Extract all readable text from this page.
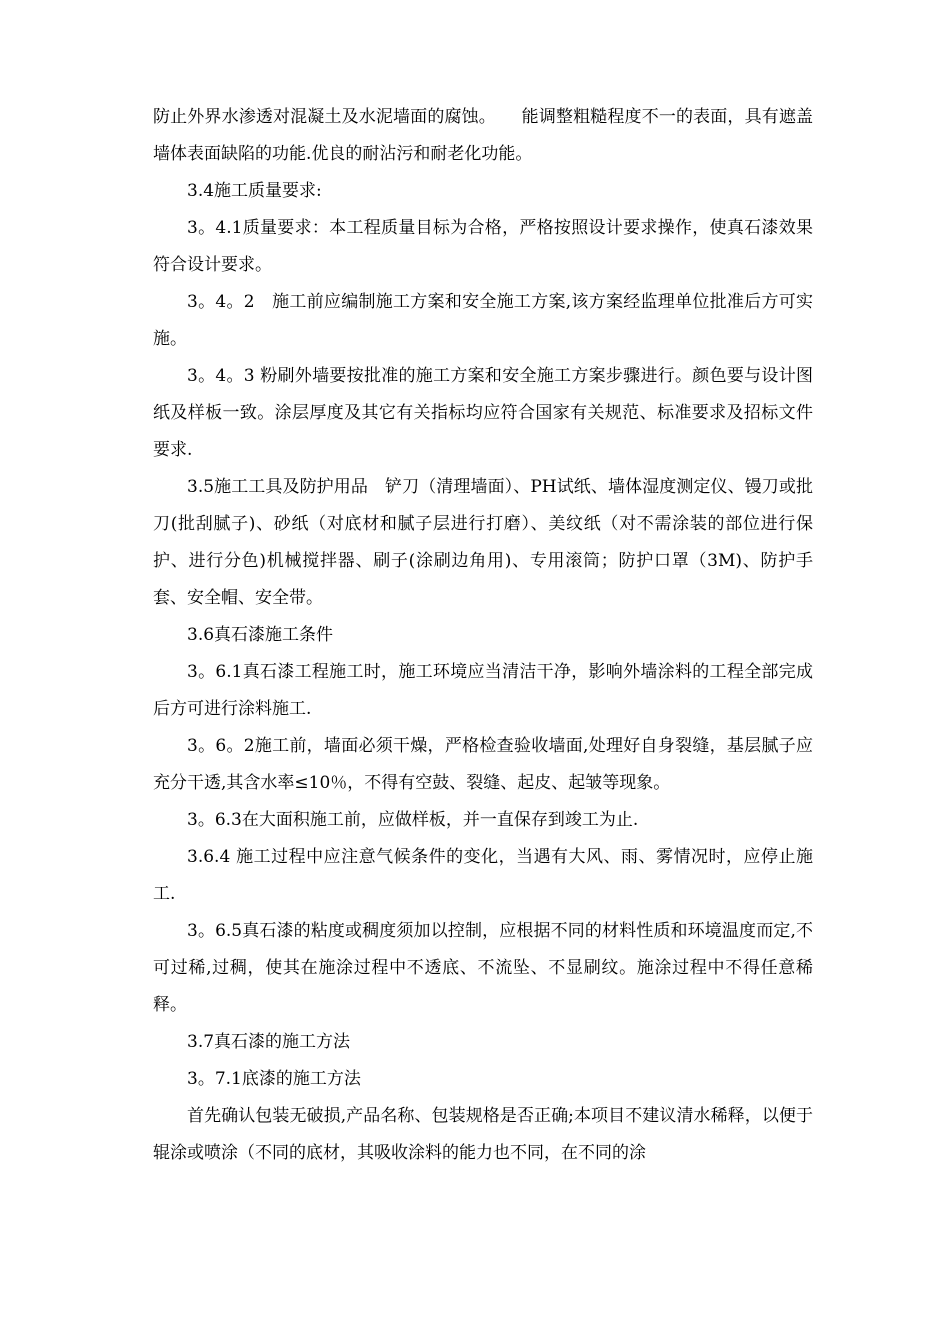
防止外界水渗透对混凝土及水泥墙面的腐蚀。　　能调整粗糙程度不一的表面，具有遮盖墙体表面缺陷的功能.优良的耐沾污和耐老化功能。

3.4施工质量要求:

3。4.1质量要求：本工程质量目标为合格，严格按照设计要求操作，使真石漆效果符合设计要求。

3。4。2　施工前应编制施工方案和安全施工方案,该方案经监理单位批准后方可实施。

3。4。3 粉刷外墙要按批准的施工方案和安全施工方案步骤进行。颜色要与设计图纸及样板一致。涂层厚度及其它有关指标均应符合国家有关规范、标准要求及招标文件要求.

3.5施工工具及防护用品　铲刀（清理墙面）、PH试纸、墙体湿度测定仪、镘刀或批刀(批刮腻子)、砂纸（对底材和腻子层进行打磨）、美纹纸（对不需涂装的部位进行保护、进行分色)机械搅拌器、刷子(涂刷边角用)、专用滚筒；防护口罩（3M)、防护手套、安全帽、安全带。

3.6真石漆施工条件

3。6.1真石漆工程施工时，施工环境应当清洁干净，影响外墙涂料的工程全部完成后方可进行涂料施工.

3。6。2施工前，墙面必须干燥，严格检查验收墙面,处理好自身裂缝，基层腻子应充分干透,其含水率≤10％，不得有空鼓、裂缝、起皮、起皱等现象。

3。6.3在大面积施工前，应做样板，并一直保存到竣工为止.

3.6.4 施工过程中应注意气候条件的变化，当遇有大风、雨、雾情况时，应停止施工.

3。6.5真石漆的粘度或稠度须加以控制，应根据不同的材料性质和环境温度而定,不可过稀,过稠，使其在施涂过程中不透底、不流坠、不显刷纹。施涂过程中不得任意稀释。

3.7真石漆的施工方法

3。7.1底漆的施工方法

首先确认包装无破损,产品名称、包装规格是否正确;本项目不建议清水稀释，以便于辊涂或喷涂（不同的底材，其吸收涂料的能力也不同，在不同的涂
